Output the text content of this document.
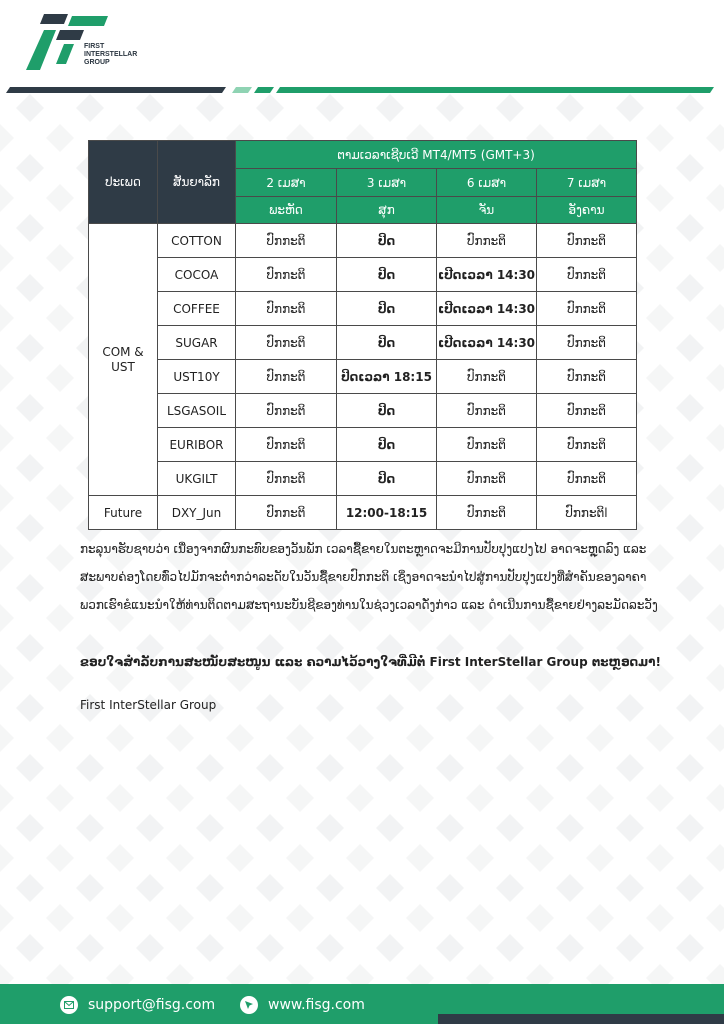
FIRST
INTERSTELLAR
GROUP
ປະເພດ	ສັນຍາລັກ	ຕາມເວລາເຊີບເວີ MT4/MT5 (GMT+3)			
		2 ເມສາ	3 ເມສາ	6 ເມສາ	7 ເມສາ
		ພະຫັດ	ສຸກ	ຈັນ	ອັງຄານ
COM & UST	COTTON	ປົກກະຕິ	ປິດ	ປົກກະຕິ	ປົກກະຕິ
	COCOA	ປົກກະຕິ	ປິດ	ເປີດເວລາ 14:30	ປົກກະຕິ
	COFFEE	ປົກກະຕິ	ປິດ	ເປີດເວລາ 14:30	ປົກກະຕິ
	SUGAR	ປົກກະຕິ	ປິດ	ເປີດເວລາ 14:30	ປົກກະຕິ
	UST10Y	ປົກກະຕິ	ປິດເວລາ 18:15	ປົກກະຕິ	ປົກກະຕິ
	LSGASOIL	ປົກກະຕິ	ປິດ	ປົກກະຕິ	ປົກກະຕິ
	EURIBOR	ປົກກະຕິ	ປິດ	ປົກກະຕິ	ປົກກະຕິ
	UKGILT	ປົກກະຕິ	ປິດ	ປົກກະຕິ	ປົກກະຕິ
Future	DXY_Jun	ປົກກະຕິ	12:00-18:15	ປົກກະຕິ	ປົກກະຕິl
ກະລຸນາຮັບຊາບວ່າ ເນື່ອງຈາກຜົນກະທົບຂອງວັນພັກ ເວລາຊື້ຂາຍໃນຕະຫຼາດຈະມີການປັບປຸງແປງໄປ ອາດຈະຫຼຸດລົງ ແລະ
ສະພາບຄ່ອງໂດຍທົ່ວໄປມັກຈະຕ່ຳກວ່າລະດັບໃນວັນຊື້ຂາຍປົກກະຕິ ເຊິ່ງອາດຈະນຳໄປສູ່ການປັບປຸງແປງທີ່ສຳຄັນຂອງລາຄາ
ພວກເຮົາຂໍແນະນຳໃຫ້ທ່ານຕິດຕາມສະຖານະບັນຊີຂອງທ່ານໃນຊ່ວງເວລາດັ່ງກ່າວ ແລະ ດຳເນີນການຊື້ຂາຍຢ່າງລະມັດລະວັງ
ຂອບໃຈສຳລັບການສະໜັບສະໜູນ ແລະ ຄວາມໄວ້ວາງໃຈທີ່ມີຕໍ່ First InterStellar Group ຕະຫຼອດມາ!
First InterStellar Group
support@fisg.com	www.fisg.com
